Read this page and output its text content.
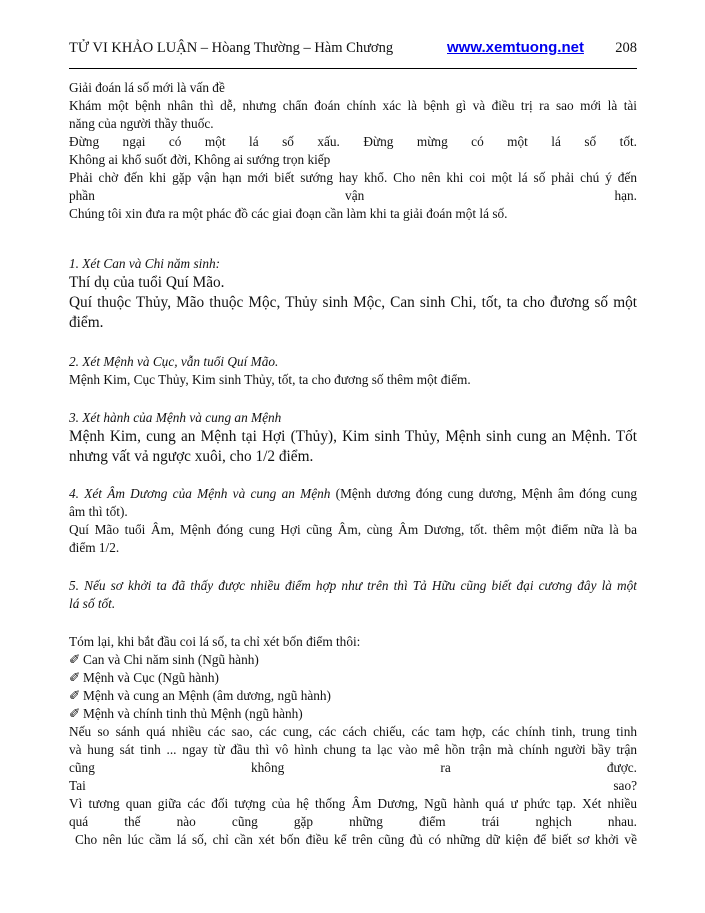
TỬ VI KHẢO LUẬN – Hòang Thường – Hàm Chương	www.xemtuong.net 208
Giải đoán lá số mới là vấn đề
Khám một bệnh nhân thì dễ, nhưng chẩn đoán chính xác là bệnh gì và điều trị ra sao mới là tài
năng của người thầy thuốc.
Đừng ngại có một lá số xấu. Đừng mừng có một lá số tốt.
Không ai khổ suốt đời, Không ai sướng trọn kiếp
Phải chờ đến khi gặp vận hạn mới biết sướng hay khổ. Cho nên khi coi một lá số phải chú ý đến
phần vận hạn.
Chúng tôi xin đưa ra một phác đồ các giai đoạn cần làm khi ta giải đoán một lá số.
1. Xét Can và Chi năm sinh:
Thí dụ của tuổi Quí Mão.
Quí thuộc Thủy, Mão thuộc Mộc, Thủy sinh Mộc, Can sinh Chi, tốt, ta cho đương số một
điểm.
2. Xét Mệnh và Cục, vẫn tuổi Quí Mão.
Mệnh Kim, Cục Thủy, Kim sinh Thủy, tốt, ta cho đương số thêm một điểm.
3. Xét hành của Mệnh và cung an Mệnh
Mệnh Kim, cung an Mệnh tại Hợi (Thủy), Kim sinh Thủy, Mệnh sinh cung an Mệnh. Tốt
nhưng vất vả ngược xuôi, cho 1/2 điểm.
4. Xét Âm Dương của Mệnh và cung an Mệnh (Mệnh dương đóng cung dương, Mệnh âm đóng cung
âm thì tốt).
Quí Mão tuổi Âm, Mệnh đóng cung Hợi cũng Âm, cùng Âm Dương, tốt. thêm một điểm nữa là ba
điểm 1/2.
5. Nếu sơ khởi ta đã thấy được nhiều điểm hợp như trên thì Tả Hữu cũng biết đại cương đây là một
lá số tốt.
Tóm lại, khi bắt đầu coi lá số, ta chỉ xét bốn điểm thôi:
✐ Can và Chi năm sinh (Ngũ hành)
✐ Mệnh và Cục (Ngũ hành)
✐ Mệnh và cung an Mệnh (âm dương, ngũ hành)
✐ Mệnh và chính tinh thủ Mệnh (ngũ hành)
Nếu so sánh quá nhiều các sao, các cung, các cách chiếu, các tam hợp, các chính tinh, trung tinh
và hung sát tinh ... ngay từ đầu thì vô hình chung ta lạc vào mê hồn trận mà chính người bầy trận
cũng không ra được.
Tai sao?
Vì tương quan giữa các đối tượng của hệ thống Âm Dương, Ngũ hành quá ư phức tạp. Xét nhiều
quá thế nào cũng gặp những điểm trái nghịch nhau.
Cho nên lúc cầm lá số, chỉ cần xét bốn điều kể trên cũng đủ có những dữ kiện để biết sơ khởi về
